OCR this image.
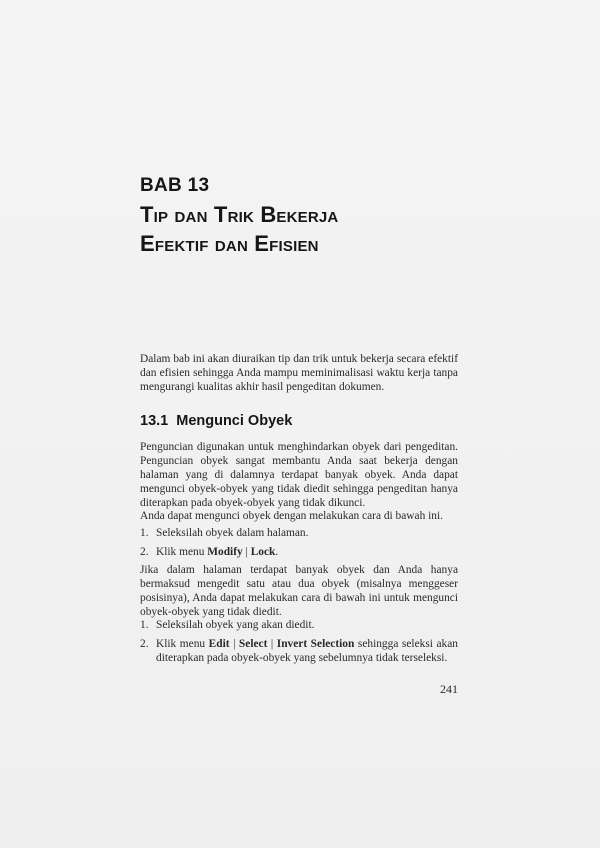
BAB 13
Tip dan Trik Bekerja
Efektif dan Efisien

Dalam bab ini akan diuraikan tip dan trik untuk bekerja secara efektif dan efisien sehingga Anda mampu meminimalisasi waktu kerja tanpa mengurangi kualitas akhir hasil pengeditan dokumen.

13.1 Mengunci Obyek

Penguncian digunakan untuk menghindarkan obyek dari pengeditan. Penguncian obyek sangat membantu Anda saat bekerja dengan halaman yang di dalamnya terdapat banyak obyek. Anda dapat mengunci obyek-obyek yang tidak diedit sehingga pengeditan hanya diterapkan pada obyek-obyek yang tidak dikunci.

Anda dapat mengunci obyek dengan melakukan cara di bawah ini.

1. Seleksilah obyek dalam halaman.
2. Klik menu Modify | Lock.

Jika dalam halaman terdapat banyak obyek dan Anda hanya bermaksud mengedit satu atau dua obyek (misalnya menggeser posisinya), Anda dapat melakukan cara di bawah ini untuk mengunci obyek-obyek yang tidak diedit.

1. Seleksilah obyek yang akan diedit.
2. Klik menu Edit | Select | Invert Selection sehingga seleksi akan diterapkan pada obyek-obyek yang sebelumnya tidak terseleksi.
241
